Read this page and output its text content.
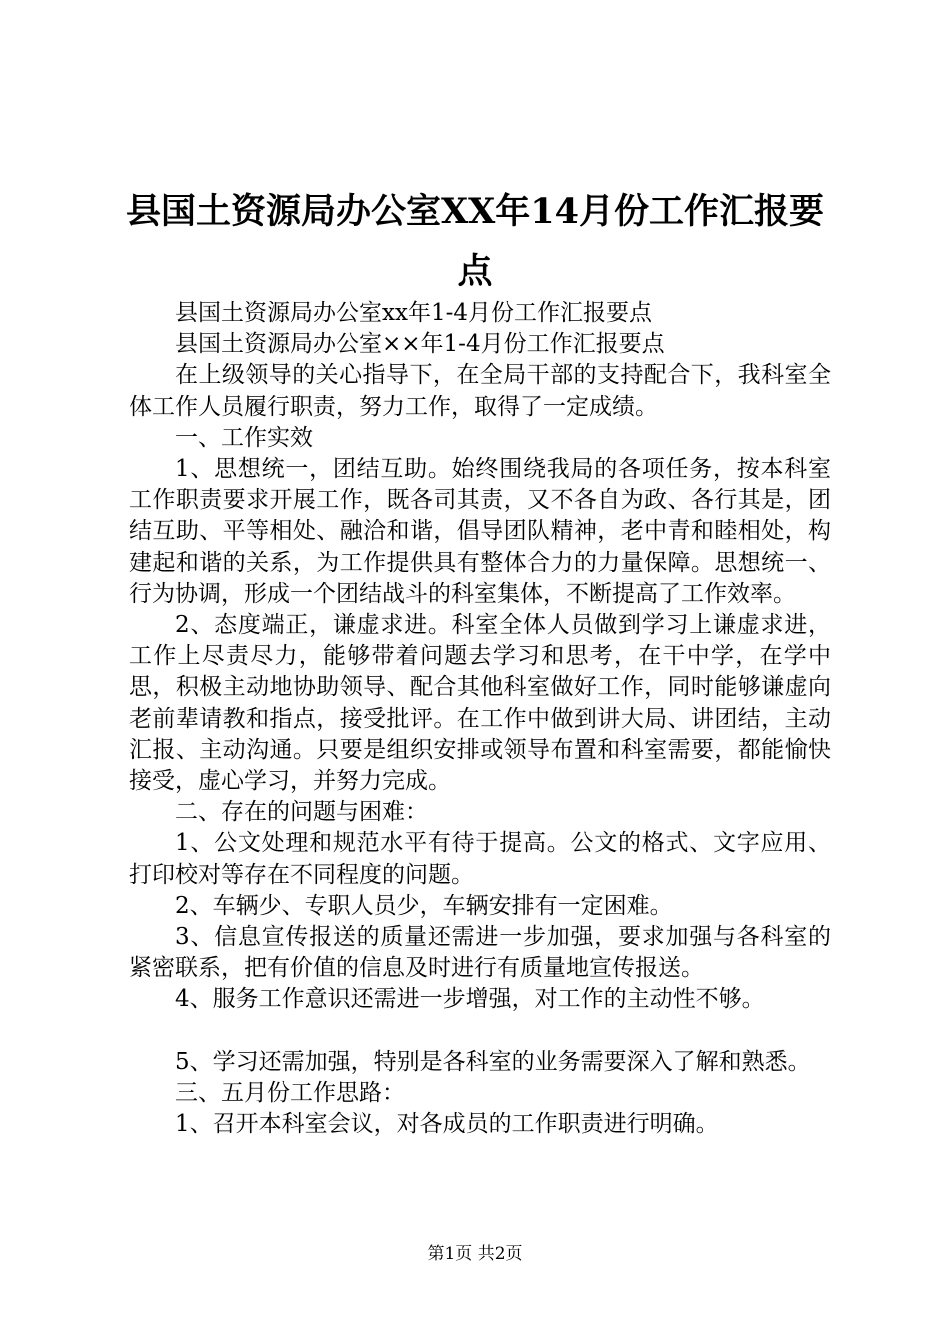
县国土资源局办公室XX年14月份工作汇报要点

县国土资源局办公室xx年1-4月份工作汇报要点

县国土资源局办公室××年1-4月份工作汇报要点

在上级领导的关心指导下，在全局干部的支持配合下，我科室全体工作人员履行职责，努力工作，取得了一定成绩。

一、工作实效

1、思想统一，团结互助。始终围绕我局的各项任务，按本科室工作职责要求开展工作，既各司其责，又不各自为政、各行其是，团结互助、平等相处、融洽和谐，倡导团队精神，老中青和睦相处，构建起和谐的关系，为工作提供具有整体合力的力量保障。思想统一、行为协调，形成一个团结战斗的科室集体，不断提高了工作效率。

2、态度端正，谦虚求进。科室全体人员做到学习上谦虚求进，工作上尽责尽力，能够带着问题去学习和思考，在干中学，在学中思，积极主动地协助领导、配合其他科室做好工作，同时能够谦虚向老前辈请教和指点，接受批评。在工作中做到讲大局、讲团结，主动汇报、主动沟通。只要是组织安排或领导布置和科室需要，都能愉快接受，虚心学习，并努力完成。

二、存在的问题与困难：

1、公文处理和规范水平有待于提高。公文的格式、文字应用、打印校对等存在不同程度的问题。

2、车辆少、专职人员少，车辆安排有一定困难。

3、信息宣传报送的质量还需进一步加强，要求加强与各科室的紧密联系，把有价值的信息及时进行有质量地宣传报送。

4、服务工作意识还需进一步增强，对工作的主动性不够。

5、学习还需加强，特别是各科室的业务需要深入了解和熟悉。

三、五月份工作思路：

1、召开本科室会议，对各成员的工作职责进行明确。

第1页 共2页
